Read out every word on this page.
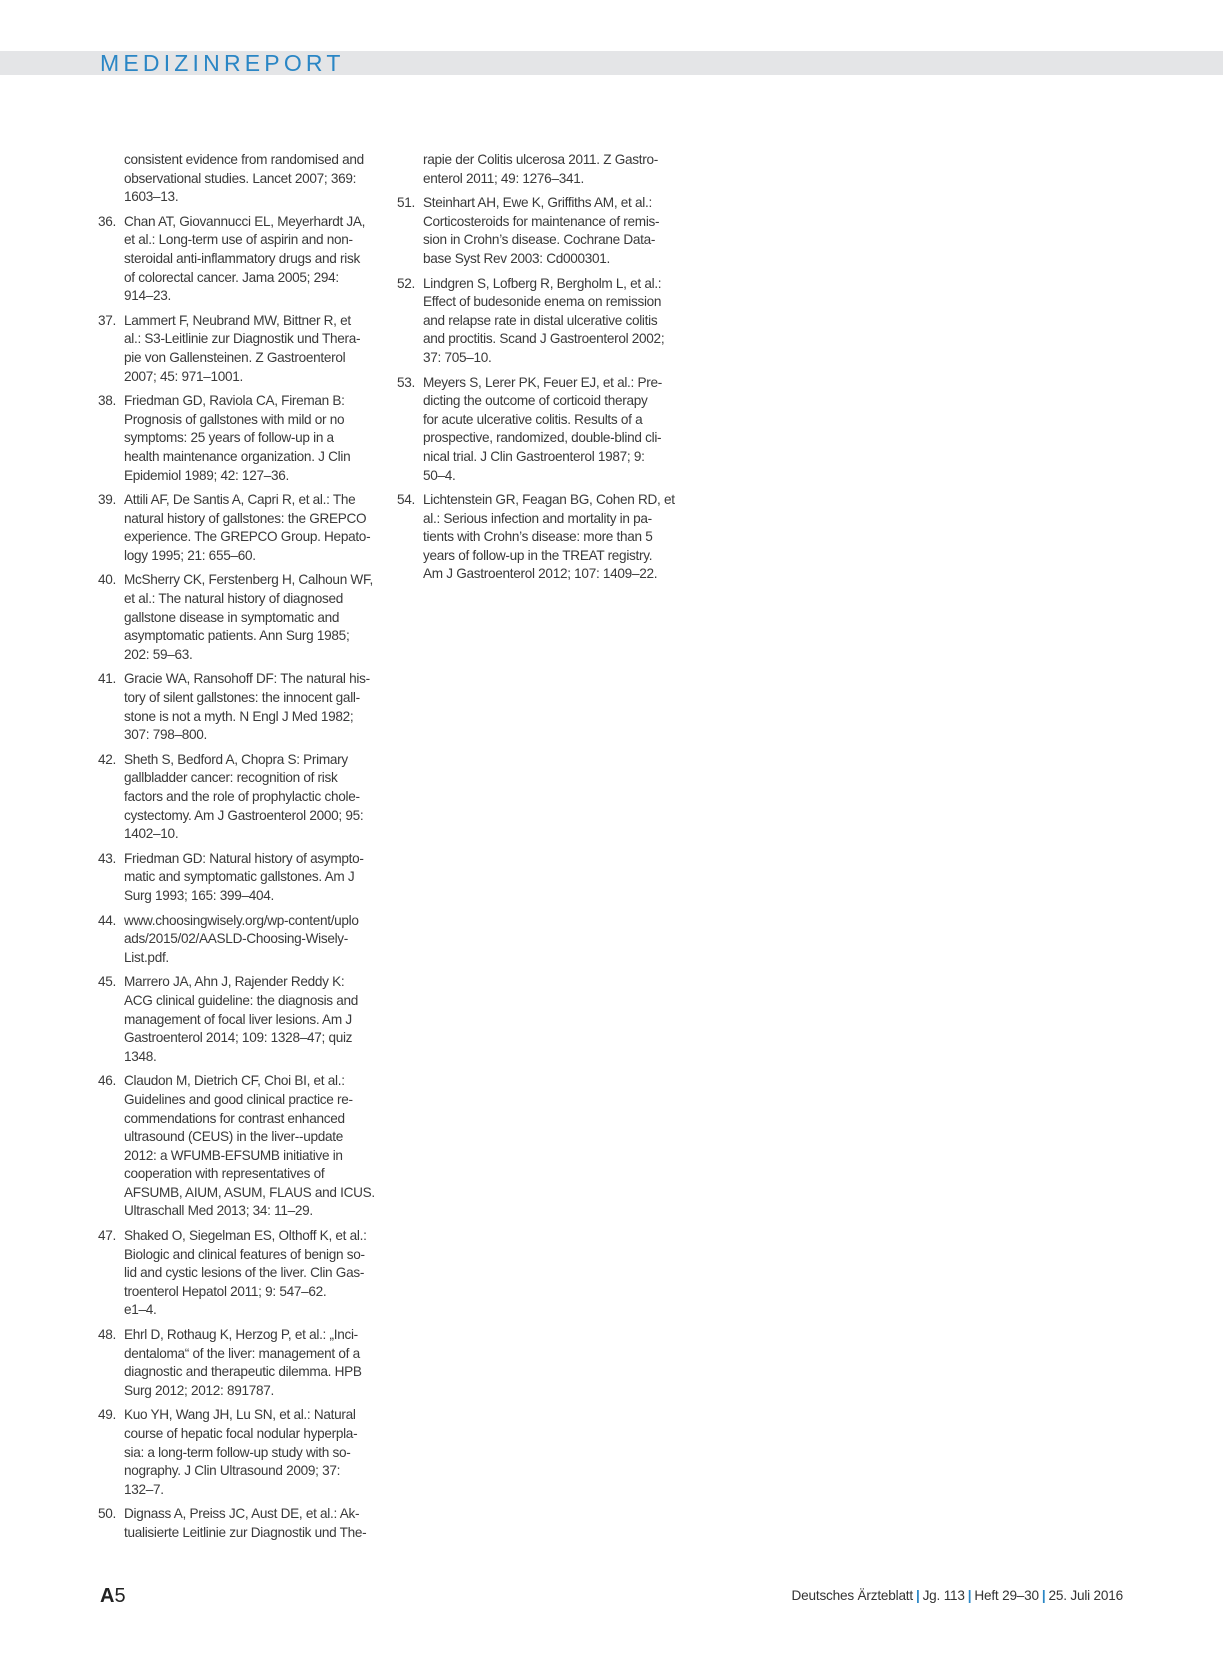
MEDIZINREPORT
consistent evidence from randomised and
observational studies. Lancet 2007; 369:
1603–13.
36. Chan AT, Giovannucci EL, Meyerhardt JA,
et al.: Long-term use of aspirin and non-
steroidal anti-inflammatory drugs and risk
of colorectal cancer. Jama 2005; 294:
914–23.
37. Lammert F, Neubrand MW, Bittner R, et
al.: S3-Leitlinie zur Diagnostik und Thera-
pie von Gallensteinen. Z Gastroenterol
2007; 45: 971–1001.
38. Friedman GD, Raviola CA, Fireman B:
Prognosis of gallstones with mild or no
symptoms: 25 years of follow-up in a
health maintenance organization. J Clin
Epidemiol 1989; 42: 127–36.
39. Attili AF, De Santis A, Capri R, et al.: The
natural history of gallstones: the GREPCO
experience. The GREPCO Group. Hepato-
logy 1995; 21: 655–60.
40. McSherry CK, Ferstenberg H, Calhoun WF,
et al.: The natural history of diagnosed
gallstone disease in symptomatic and
asymptomatic patients. Ann Surg 1985;
202: 59–63.
41. Gracie WA, Ransohoff DF: The natural his-
tory of silent gallstones: the innocent gall-
stone is not a myth. N Engl J Med 1982;
307: 798–800.
42. Sheth S, Bedford A, Chopra S: Primary
gallbladder cancer: recognition of risk
factors and the role of prophylactic chole-
cystectomy. Am J Gastroenterol 2000; 95:
1402–10.
43. Friedman GD: Natural history of asympto-
matic and symptomatic gallstones. Am J
Surg 1993; 165: 399–404.
44. www.choosingwisely.org/wp-content/uplo
ads/2015/02/AASLD-Choosing-Wisely-
List.pdf.
45. Marrero JA, Ahn J, Rajender Reddy K:
ACG clinical guideline: the diagnosis and
management of focal liver lesions. Am J
Gastroenterol 2014; 109: 1328–47; quiz
1348.
46. Claudon M, Dietrich CF, Choi BI, et al.:
Guidelines and good clinical practice re-
commendations for contrast enhanced
ultrasound (CEUS) in the liver--update
2012: a WFUMB-EFSUMB initiative in
cooperation with representatives of
AFSUMB, AIUM, ASUM, FLAUS and ICUS.
Ultraschall Med 2013; 34: 11–29.
47. Shaked O, Siegelman ES, Olthoff K, et al.:
Biologic and clinical features of benign so-
lid and cystic lesions of the liver. Clin Gas-
troenterol Hepatol 2011; 9: 547–62.
e1–4.
48. Ehrl D, Rothaug K, Herzog P, et al.: „Inci-
dentaloma“ of the liver: management of a
diagnostic and therapeutic dilemma. HPB
Surg 2012; 2012: 891787.
49. Kuo YH, Wang JH, Lu SN, et al.: Natural
course of hepatic focal nodular hyperpla-
sia: a long-term follow-up study with so-
nography. J Clin Ultrasound 2009; 37:
132–7.
50. Dignass A, Preiss JC, Aust DE, et al.: Ak-
tualisierte Leitlinie zur Diagnostik und The-
rapie der Colitis ulcerosa 2011. Z Gastro-
enterol 2011; 49: 1276–341.
51. Steinhart AH, Ewe K, Griffiths AM, et al.:
Corticosteroids for maintenance of remis-
sion in Crohn’s disease. Cochrane Data-
base Syst Rev 2003: Cd000301.
52. Lindgren S, Lofberg R, Bergholm L, et al.:
Effect of budesonide enema on remission
and relapse rate in distal ulcerative colitis
and proctitis. Scand J Gastroenterol 2002;
37: 705–10.
53. Meyers S, Lerer PK, Feuer EJ, et al.: Pre-
dicting the outcome of corticoid therapy
for acute ulcerative colitis. Results of a
prospective, randomized, double-blind cli-
nical trial. J Clin Gastroenterol 1987; 9:
50–4.
54. Lichtenstein GR, Feagan BG, Cohen RD, et
al.: Serious infection and mortality in pa-
tients with Crohn’s disease: more than 5
years of follow-up in the TREAT registry.
Am J Gastroenterol 2012; 107: 1409–22.
A5	Deutsches Ärzteblatt | Jg. 113 | Heft 29–30 | 25. Juli 2016
